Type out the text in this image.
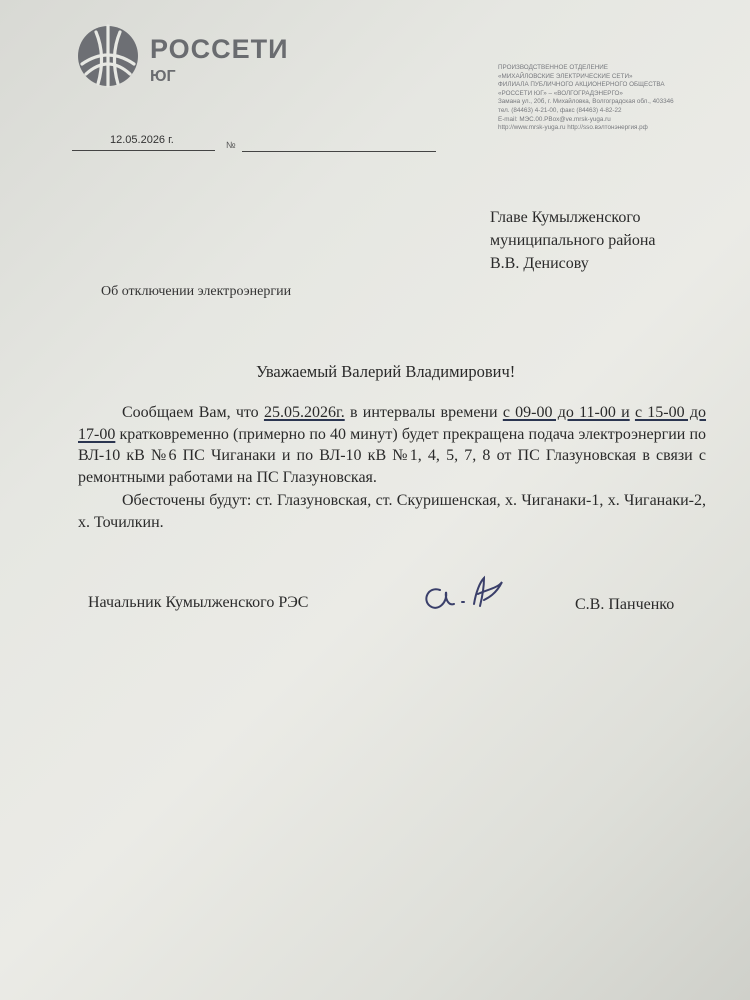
РОССЕТИ
ЮГ
ПРОИЗВОДСТВЕННОЕ ОТДЕЛЕНИЕ
«МИХАЙЛОВСКИЕ ЭЛЕКТРИЧЕСКИЕ СЕТИ»
ФИЛИАЛА ПУБЛИЧНОГО АКЦИОНЕРНОГО ОБЩЕСТВА
«РОССЕТИ ЮГ» – «ВОЛГОГРАДЭНЕРГО»
Замана ул., 20б, г. Михайловка, Волгоградская обл., 403346
тел. (84463) 4-21-00, факс (84463) 4-82-22
E-mail: МЭС.00.PBox@ve.mrsk-yuga.ru
http://www.mrsk-yuga.ru http://sso.вэлтонэнергия.рф
12.05.2026 г.	№
Главе Кумылженского
муниципального района
В.В. Денисову
Об отключении электроэнергии
Уважаемый Валерий Владимирович!

Сообщаем Вам, что 25.05.2026г. в интервалы времени с 09-00 до 11-00 и с 15-00 до 17-00 кратковременно (примерно по 40 минут) будет прекращена подача электроэнергии по ВЛ-10 кВ №6 ПС Чиганаки и по ВЛ-10 кВ №1, 4, 5, 7, 8 от ПС Глазуновская в связи с ремонтными работами на ПС Глазуновская.

Обесточены будут: ст. Глазуновская, ст. Скуришенская, х. Чиганаки-1, х. Чиганаки-2, х. Точилкин.

Начальник Кумылженского РЭС	С.В. Панченко
